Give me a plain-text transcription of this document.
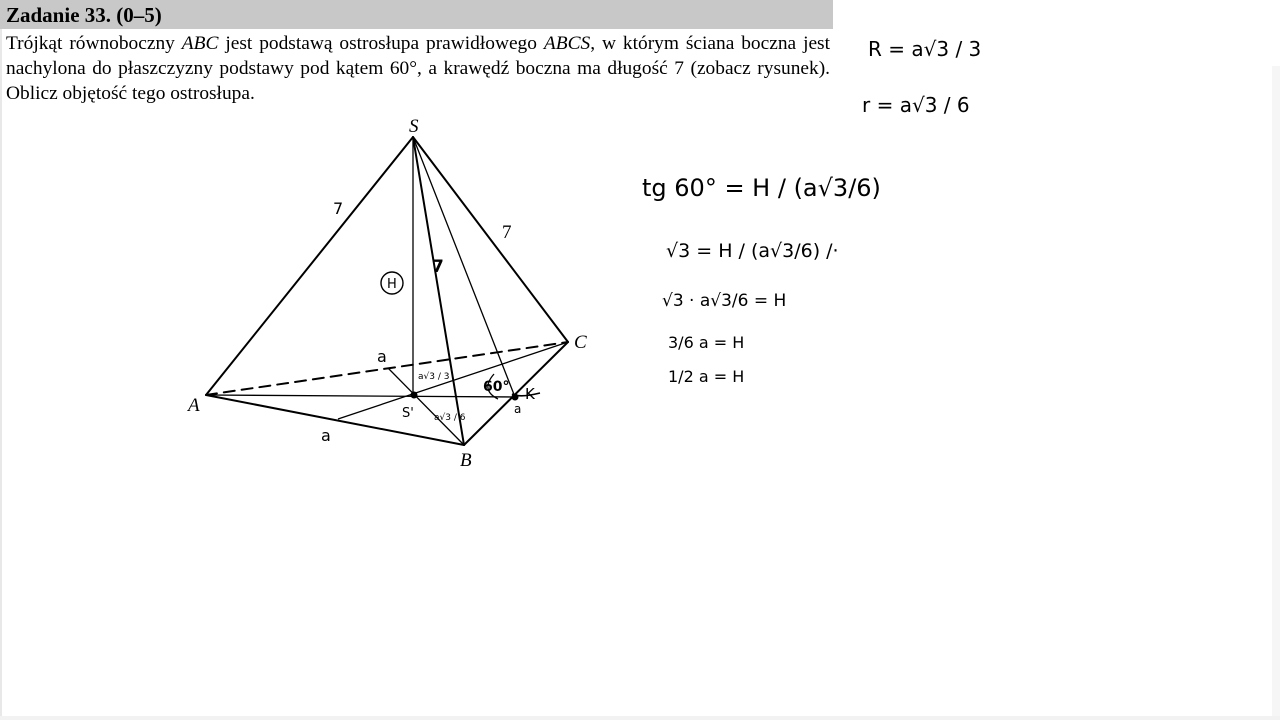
Zadanie 33. (0–5)
Trójkąt równoboczny ABC jest podstawą ostrosłupa prawidłowego ABCS, w którym ściana boczna jest nachylona do płaszczyzny podstawy pod kątem 60°, a krawędź boczna ma długość 7 (zobacz rysunek). Oblicz objętość tego ostrosłupa.
S
A
B
C
7
7
7
H
a
a
a
a√3 / 3
a√3 / 6
60°
S'
K
R = a√3 / 3
r = a√3 / 6
tg 60° = H / (a√3/6)
√3 = H / (a√3/6) /·
√3 · a√3/6 = H
3/6 a = H
1/2 a = H
